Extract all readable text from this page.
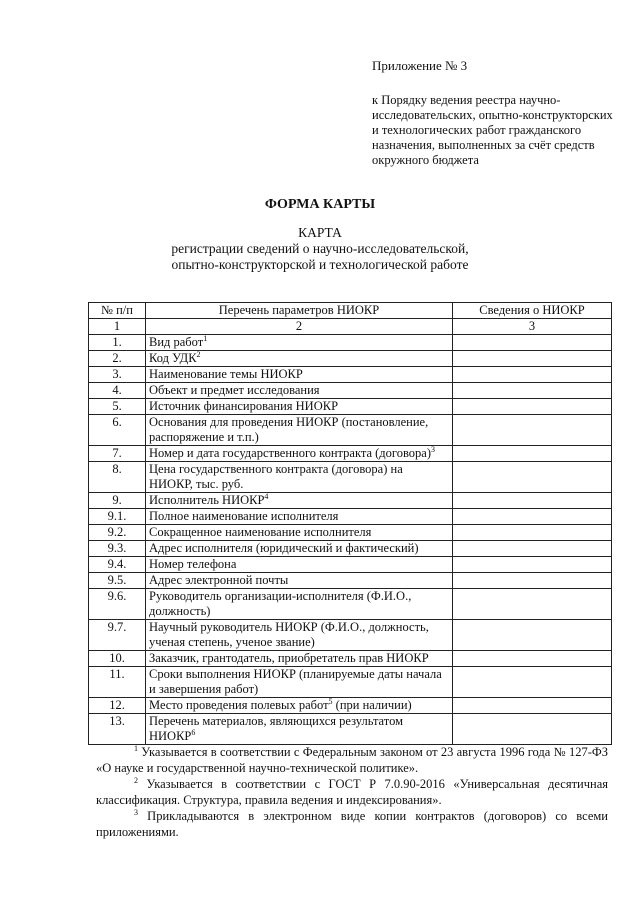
Приложение № 3
к Порядку ведения реестра научно-исследовательских, опытно-конструкторских и технологических работ гражданского назначения, выполненных за счёт средств окружного бюджета
ФОРМА КАРТЫ
КАРТА
регистрации сведений о научно-исследовательской,
опытно-конструкторской и технологической работе
№ п/п	Перечень параметров НИОКР	Сведения о НИОКР
1	2	3
1.	Вид работ$^1$	
2.	Код УДК$^2$	
3.	Наименование темы НИОКР	
4.	Объект и предмет исследования	
5.	Источник финансирования НИОКР	
6.	Основания для проведения НИОКР (постановление, распоряжение и т.п.)	
7.	Номер и дата государственного контракта (договора)$^3$	
8.	Цена государственного контракта (договора) на НИОКР, тыс. руб.	
9.	Исполнитель НИОКР$^4$	
9.1.	Полное наименование исполнителя	
9.2.	Сокращенное наименование исполнителя	
9.3.	Адрес исполнителя (юридический и фактический)	
9.4.	Номер телефона	
9.5.	Адрес электронной почты	
9.6.	Руководитель организации-исполнителя (Ф.И.О., должность)	
9.7.	Научный руководитель НИОКР (Ф.И.О., должность, ученая степень, ученое звание)	
10.	Заказчик, грантодатель, приобретатель прав НИОКР	
11.	Сроки выполнения НИОКР (планируемые даты начала и завершения работ)	
12.	Место проведения полевых работ$^5$ (при наличии)	
13.	Перечень материалов, являющихся результатом НИОКР$^6$	

$^1$ Указывается в соответствии с Федеральным законом от 23 августа 1996 года № 127-ФЗ «О науке и государственной научно-технической политике».

$^2$ Указывается в соответствии с ГОСТ Р 7.0.90-2016 «Универсальная десятичная классификация. Структура, правила ведения и индексирования».

$^3$ Прикладываются в электронном виде копии контрактов (договоров) со всеми приложениями.
